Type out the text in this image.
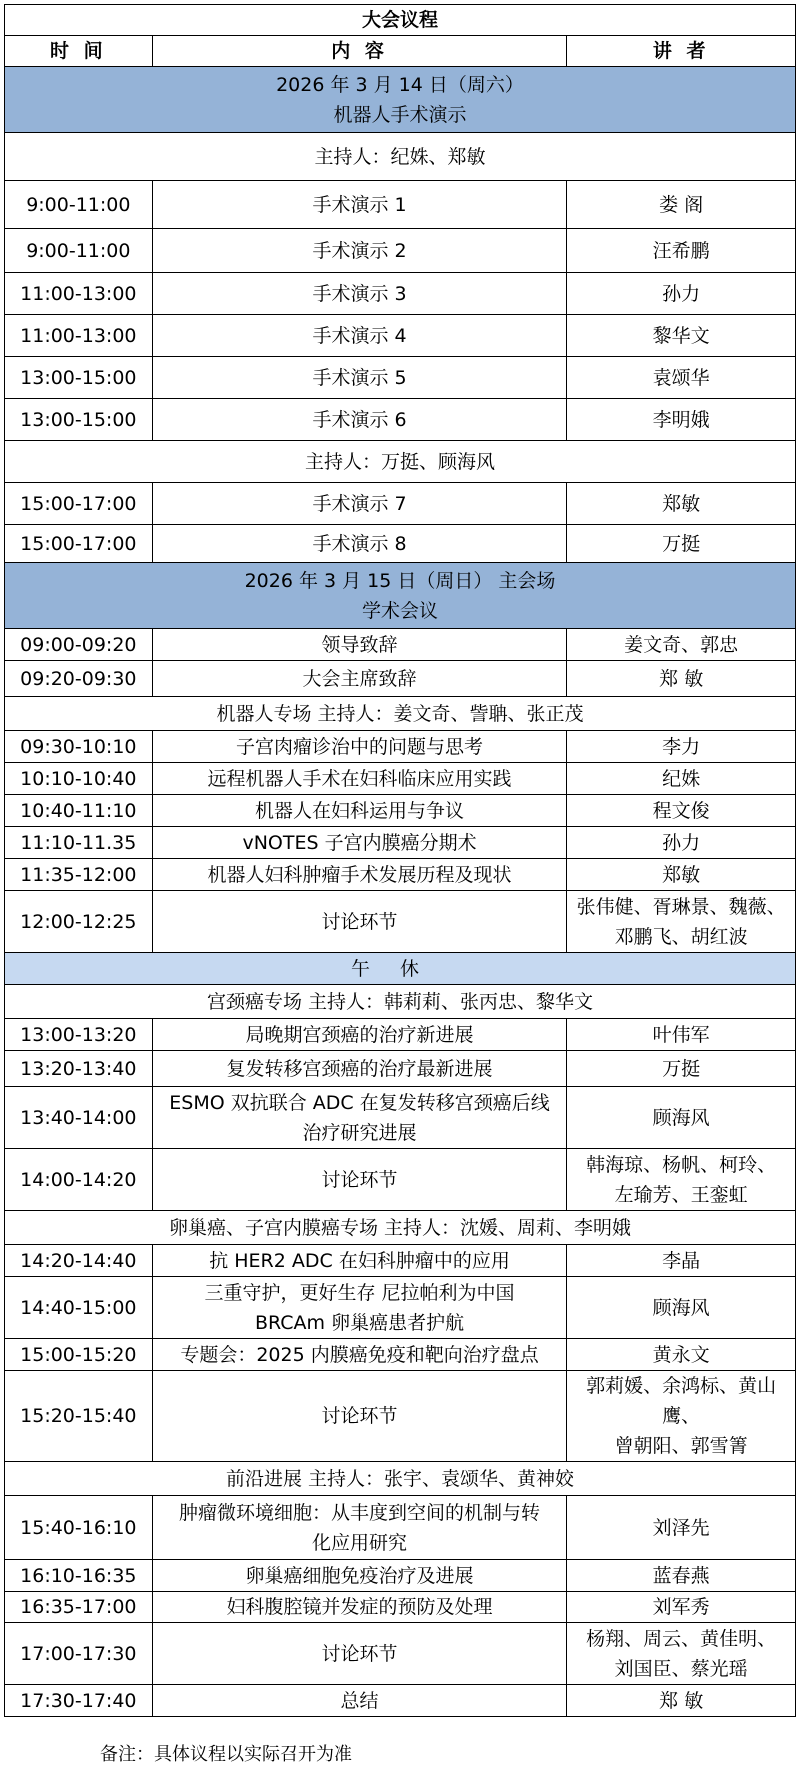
大会议程		
时 间	内 容	讲 者

2026 年 3 月 14 日（周六）
机器人手术演示		

主持人：纪姝、郑敏		
9:00-11:00	手术演示 1	娄 阁

9:00-11:00	手术演示 2	汪希鹏

11:00-13:00	手术演示 3	孙力

11:00-13:00	手术演示 4	黎华文

13:00-15:00	手术演示 5	袁颂华

13:00-15:00	手术演示 6	李明娥

主持人：万挺、顾海风		
15:00-17:00	手术演示 7	郑敏

15:00-17:00	手术演示 8	万挺

2026 年 3 月 15 日（周日） 主会场
学术会议		

09:00-09:20	领导致辞	姜文奇、郭忠

09:20-09:30	大会主席致辞	郑 敏

机器人专场 主持人：姜文奇、訾聃、张正茂		
09:30-10:10	子宫肉瘤诊治中的问题与思考	李力

10:10-10:40	远程机器人手术在妇科临床应用实践	纪姝

10:40-11:10	机器人在妇科运用与争议	程文俊

11:10-11.35	vNOTES 子宫内膜癌分期术	孙力

11:35-12:00	机器人妇科肿瘤手术发展历程及现状	郑敏

12:00-12:25	讨论环节	张伟健、胥琳景、魏薇、
邓鹏飞、胡红波

午休		
宫颈癌专场 主持人：韩莉莉、张丙忠、黎华文		
13:00-13:20	局晚期宫颈癌的治疗新进展	叶伟军

13:20-13:40	复发转移宫颈癌的治疗最新进展	万挺

13:40-14:00	ESMO 双抗联合 ADC 在复发转移宫颈癌后线
治疗研究进展	顾海风

14:00-14:20	讨论环节	韩海琼、杨帆、柯玲、
左瑜芳、王銮虹

卵巢癌、子宫内膜癌专场 主持人：沈媛、周莉、李明娥		
14:20-14:40	抗 HER2 ADC 在妇科肿瘤中的应用	李晶

14:40-15:00	三重守护，更好生存 尼拉帕利为中国
BRCAm 卵巢癌患者护航	顾海风

15:00-15:20	专题会：2025 内膜癌免疫和靶向治疗盘点	黄永文

15:20-15:40	讨论环节	郭莉媛、余鸿标、黄山鹰、
曾朝阳、郭雪箐

前沿进展 主持人：张宇、袁颂华、黄神姣		
15:40-16:10	肿瘤微环境细胞：从丰度到空间的机制与转
化应用研究	刘泽先

16:10-16:35	卵巢癌细胞免疫治疗及进展	蓝春燕

16:35-17:00	妇科腹腔镜并发症的预防及处理	刘军秀

17:00-17:30	讨论环节	杨翔、周云、黄佳明、
刘国臣、蔡光瑶

17:30-17:40	总结	郑 敏
备注：具体议程以实际召开为准
